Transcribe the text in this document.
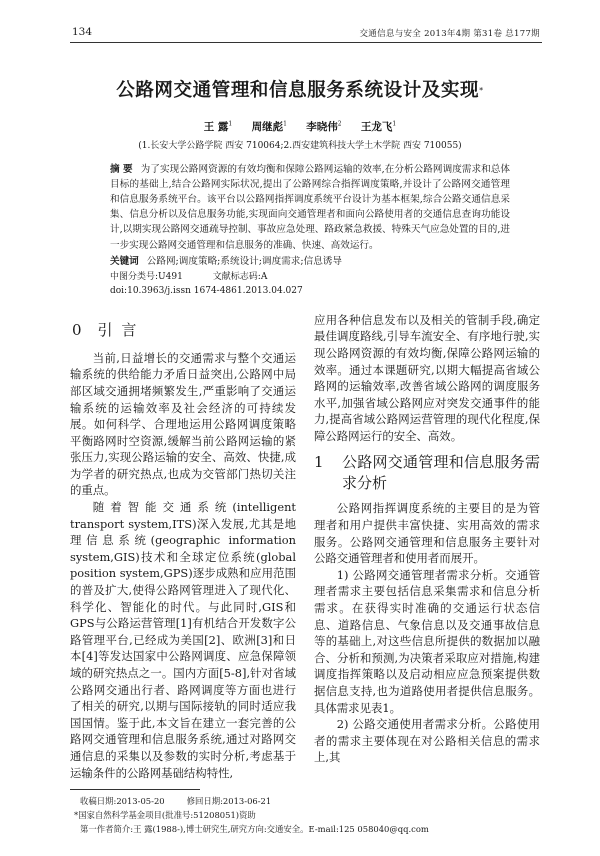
134	交通信息与安全 2013年4期 第31卷 总177期
公路网交通管理和信息服务系统设计及实现*
王 露$^1$ 周继彪$^1$ 李晓伟$^2$ 王龙飞$^1$
(1.长安大学公路学院 西安 710064;2.西安建筑科技大学土木学院 西安 710055)
摘 要 为了实现公路网资源的有效均衡和保障公路网运输的效率,在分析公路网调度需求和总体目标的基础上,结合公路网实际状况,提出了公路网综合指挥调度策略,并设计了公路网交通管理和信息服务系统平台。该平台以公路网指挥调度系统平台设计为基本框架,综合公路交通信息采集、信息分析以及信息服务功能,实现面向交通管理者和面向公路使用者的交通信息查询功能设计,以期实现公路网交通疏导控制、事故应急处理、路政紧急救援、特殊天气应急处置的目的,进一步实现公路网交通管理和信息服务的准确、快速、高效运行。
关键词 公路网;调度策略;系统设计;调度需求;信息诱导
中图分类号:U491	文献标志码:Adoi:10.3963/j.issn 1674-4861.2013.04.027
0 引 言

当前,日益增长的交通需求与整个交通运输系统的供给能力矛盾日益突出,公路网中局部区域交通拥堵频繁发生,严重影响了交通运输系统的运输效率及社会经济的可持续发展。如何科学、合理地运用公路网调度策略平衡路网时空资源,缓解当前公路网运输的紧张压力,实现公路运输的安全、高效、快捷,成为学者的研究热点,也成为交管部门热切关注的重点。

随着智能交通系统(intelligent transport system,ITS)深入发展,尤其是地理信息系统(geographic information system,GIS)技术和全球定位系统(global position system,GPS)逐步成熟和应用范围的普及扩大,使得公路网管理进入了现代化、科学化、智能化的时代。与此同时,GIS和GPS与公路运营管理[1]有机结合开发数字公路管理平台,已经成为美国[2]、欧洲[3]和日本[4]等发达国家中公路网调度、应急保障领域的研究热点之一。国内方面[5-8],针对省域公路网交通出行者、路网调度等方面也进行了相关的研究,以期与国际接轨的同时适应我国国情。鉴于此,本文旨在建立一套完善的公路网交通管理和信息服务系统,通过对路网交通信息的采集以及参数的实时分析,考虑基于运输条件的公路网基础结构特性,

应用各种信息发布以及相关的管制手段,确定最佳调度路线,引导车流安全、有序地行驶,实现公路网资源的有效均衡,保障公路网运输的效率。通过本课题研究,以期大幅提高省域公路网的运输效率,改善省域公路网的调度服务水平,加强省域公路网应对突发交通事件的能力,提高省域公路网运营管理的现代化程度,保障公路网运行的安全、高效。

1	公路网交通管理和信息服务需求分析

公路网指挥调度系统的主要目的是为管理者和用户提供丰富快捷、实用高效的需求服务。公路网交通管理和信息服务主要针对公路交通管理者和使用者而展开。

1) 公路网交通管理者需求分析。交通管理者需求主要包括信息采集需求和信息分析需求。在获得实时准确的交通运行状态信息、道路信息、气象信息以及交通事故信息等的基础上,对这些信息所提供的数据加以融合、分析和预测,为决策者采取应对措施,构建调度指挥策略以及启动相应应急预案提供数据信息支持,也为道路使用者提供信息服务。具体需求见表1。

2) 公路交通使用者需求分析。公路使用者的需求主要体现在对公路相关信息的需求上,其

收稿日期:2013-05-20	修回日期:2013-06-21
*国家自然科学基金项目(批准号:51208051)资助
第一作者简介:王 露(1988-),博士研究生,研究方向:交通安全。E-mail:125 058040@qq.com
